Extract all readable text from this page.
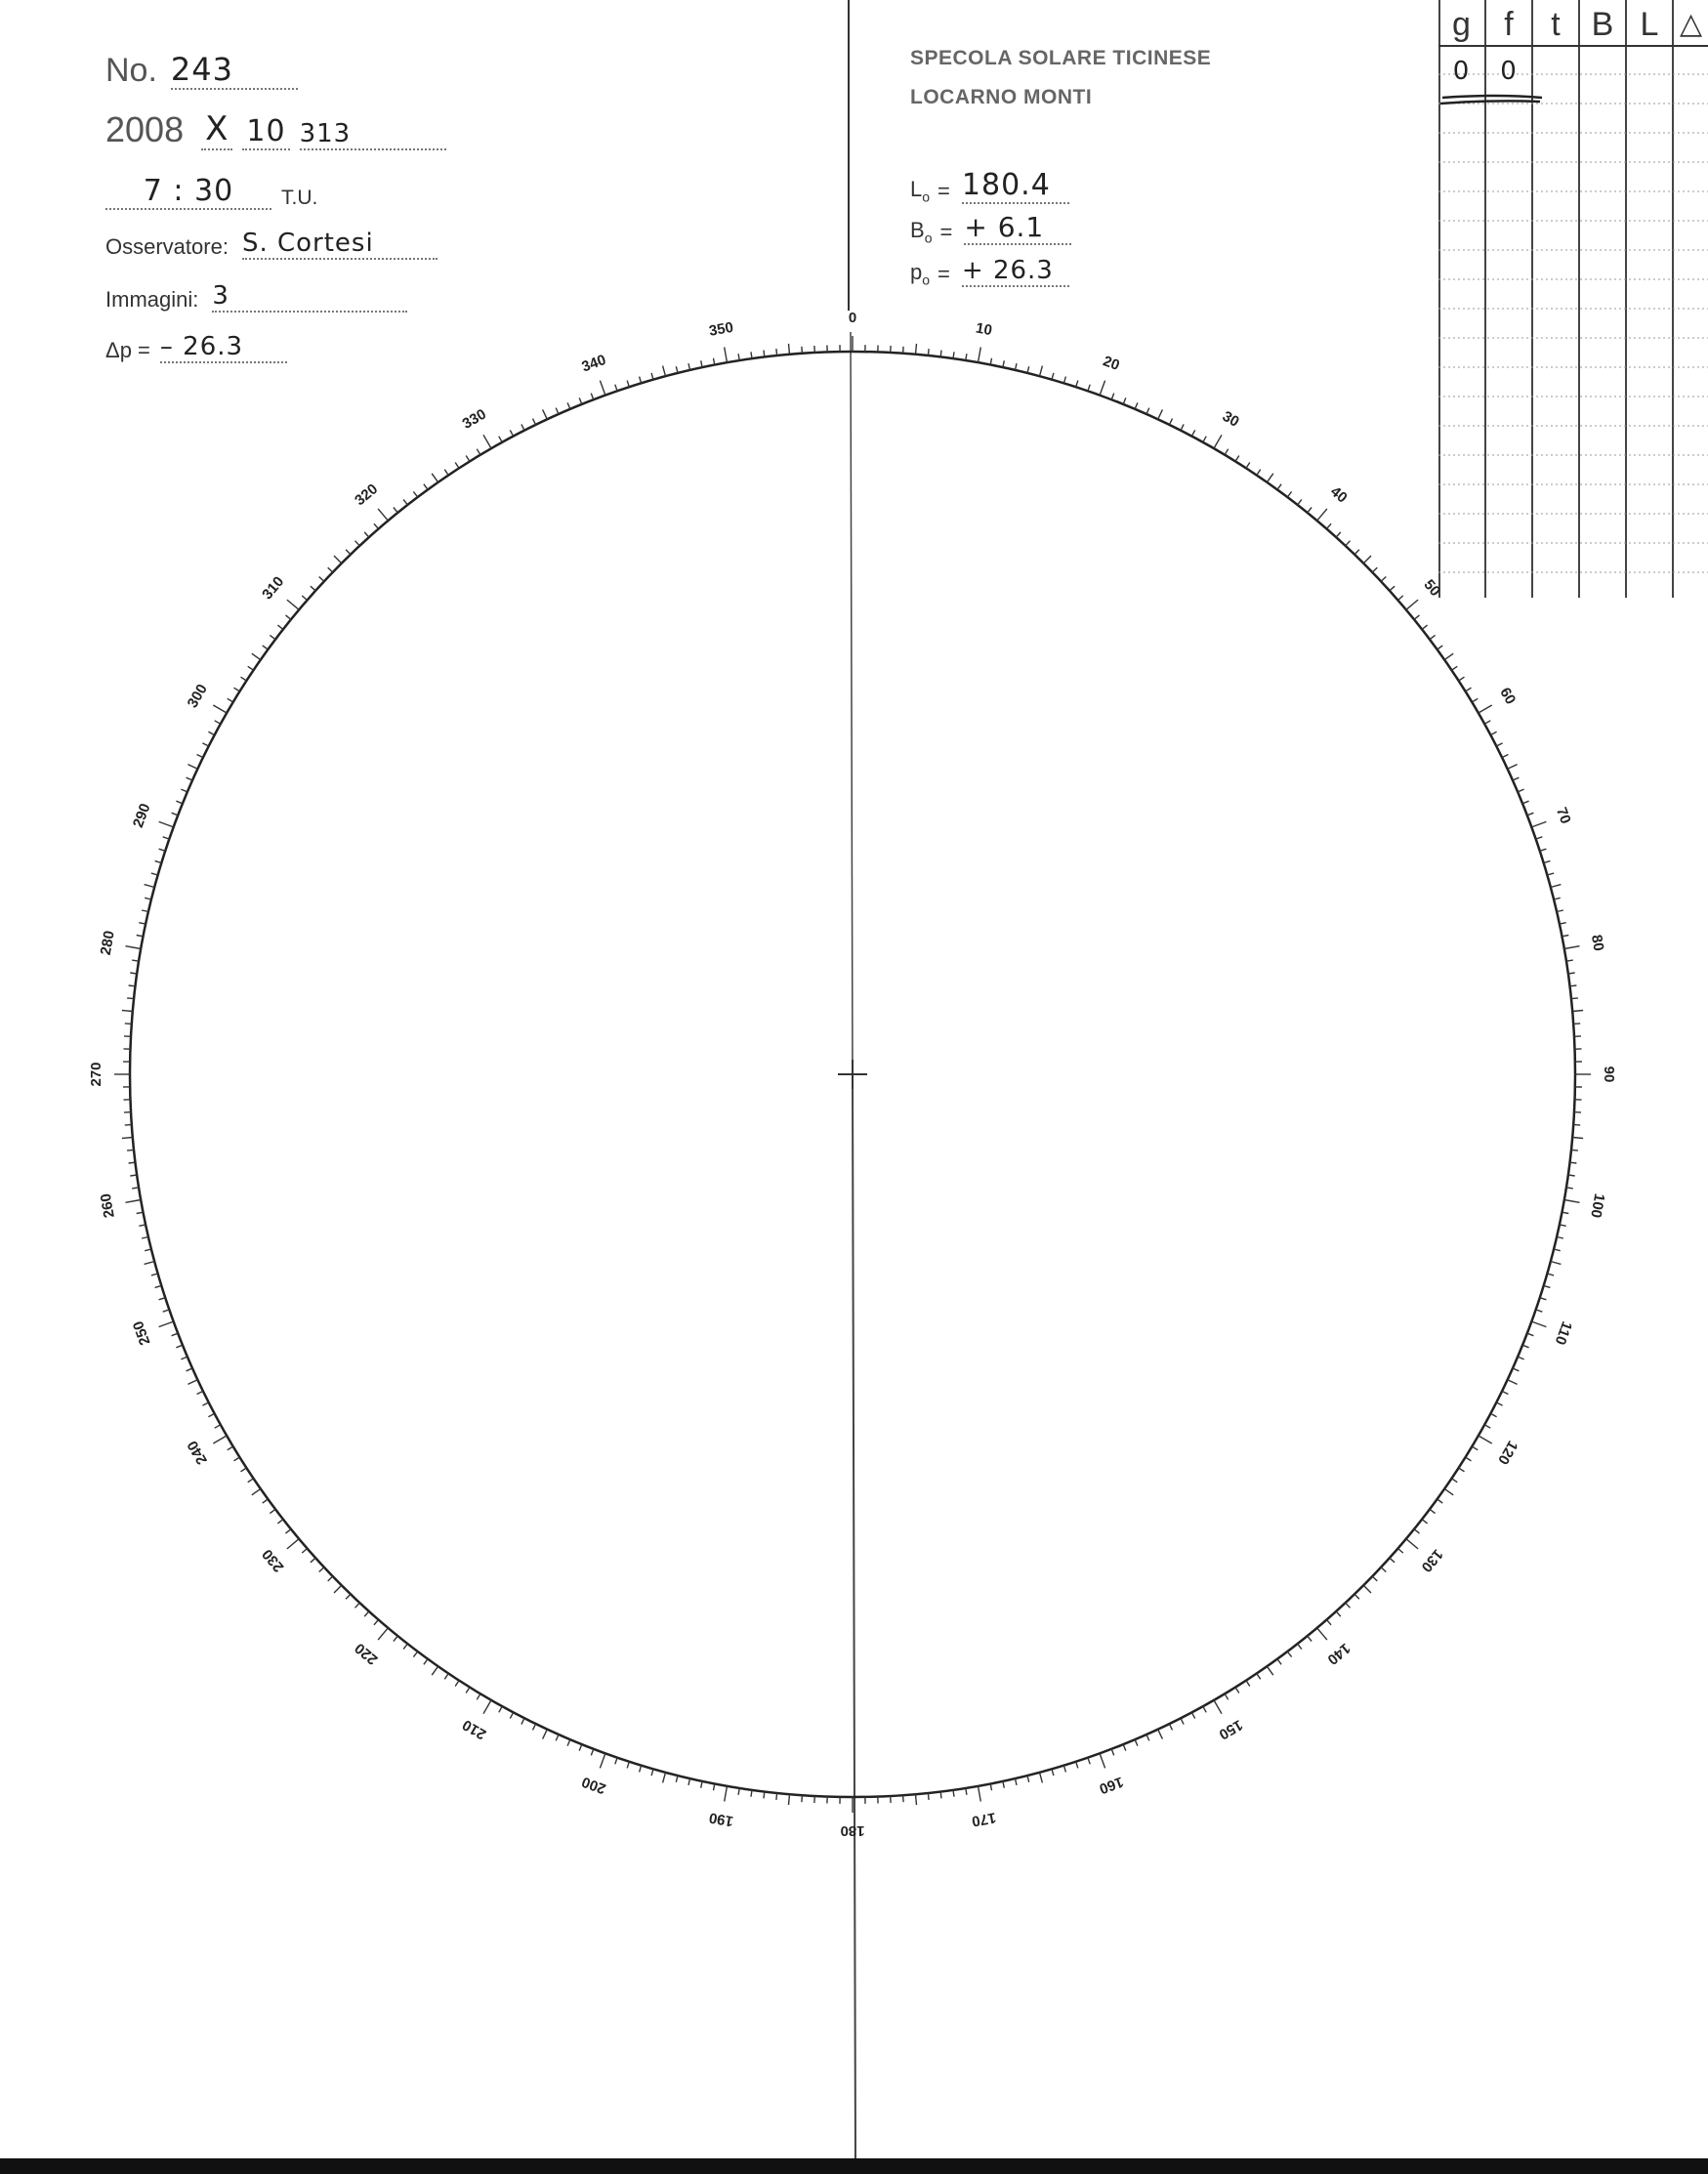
No. 243
2008 X 10 313
7 : 30	T.U.
Osservatore: S. Cortesi
Immagini: 3
Δp = – 26.3
SPECOLA SOLARE TICINESE
LOCARNO MONTI
$L_o = 180.4$
$B_o$ = + 6.1
$p_o$ = + 26.3
g	f	t B L △
0	0
0
10
20
30
40
50
60
70
80
90
100
110
120
130
140
150
160
170
180
190
200
210
220
230
240
250
260
270
280
290
300
310
320
330
340
350
